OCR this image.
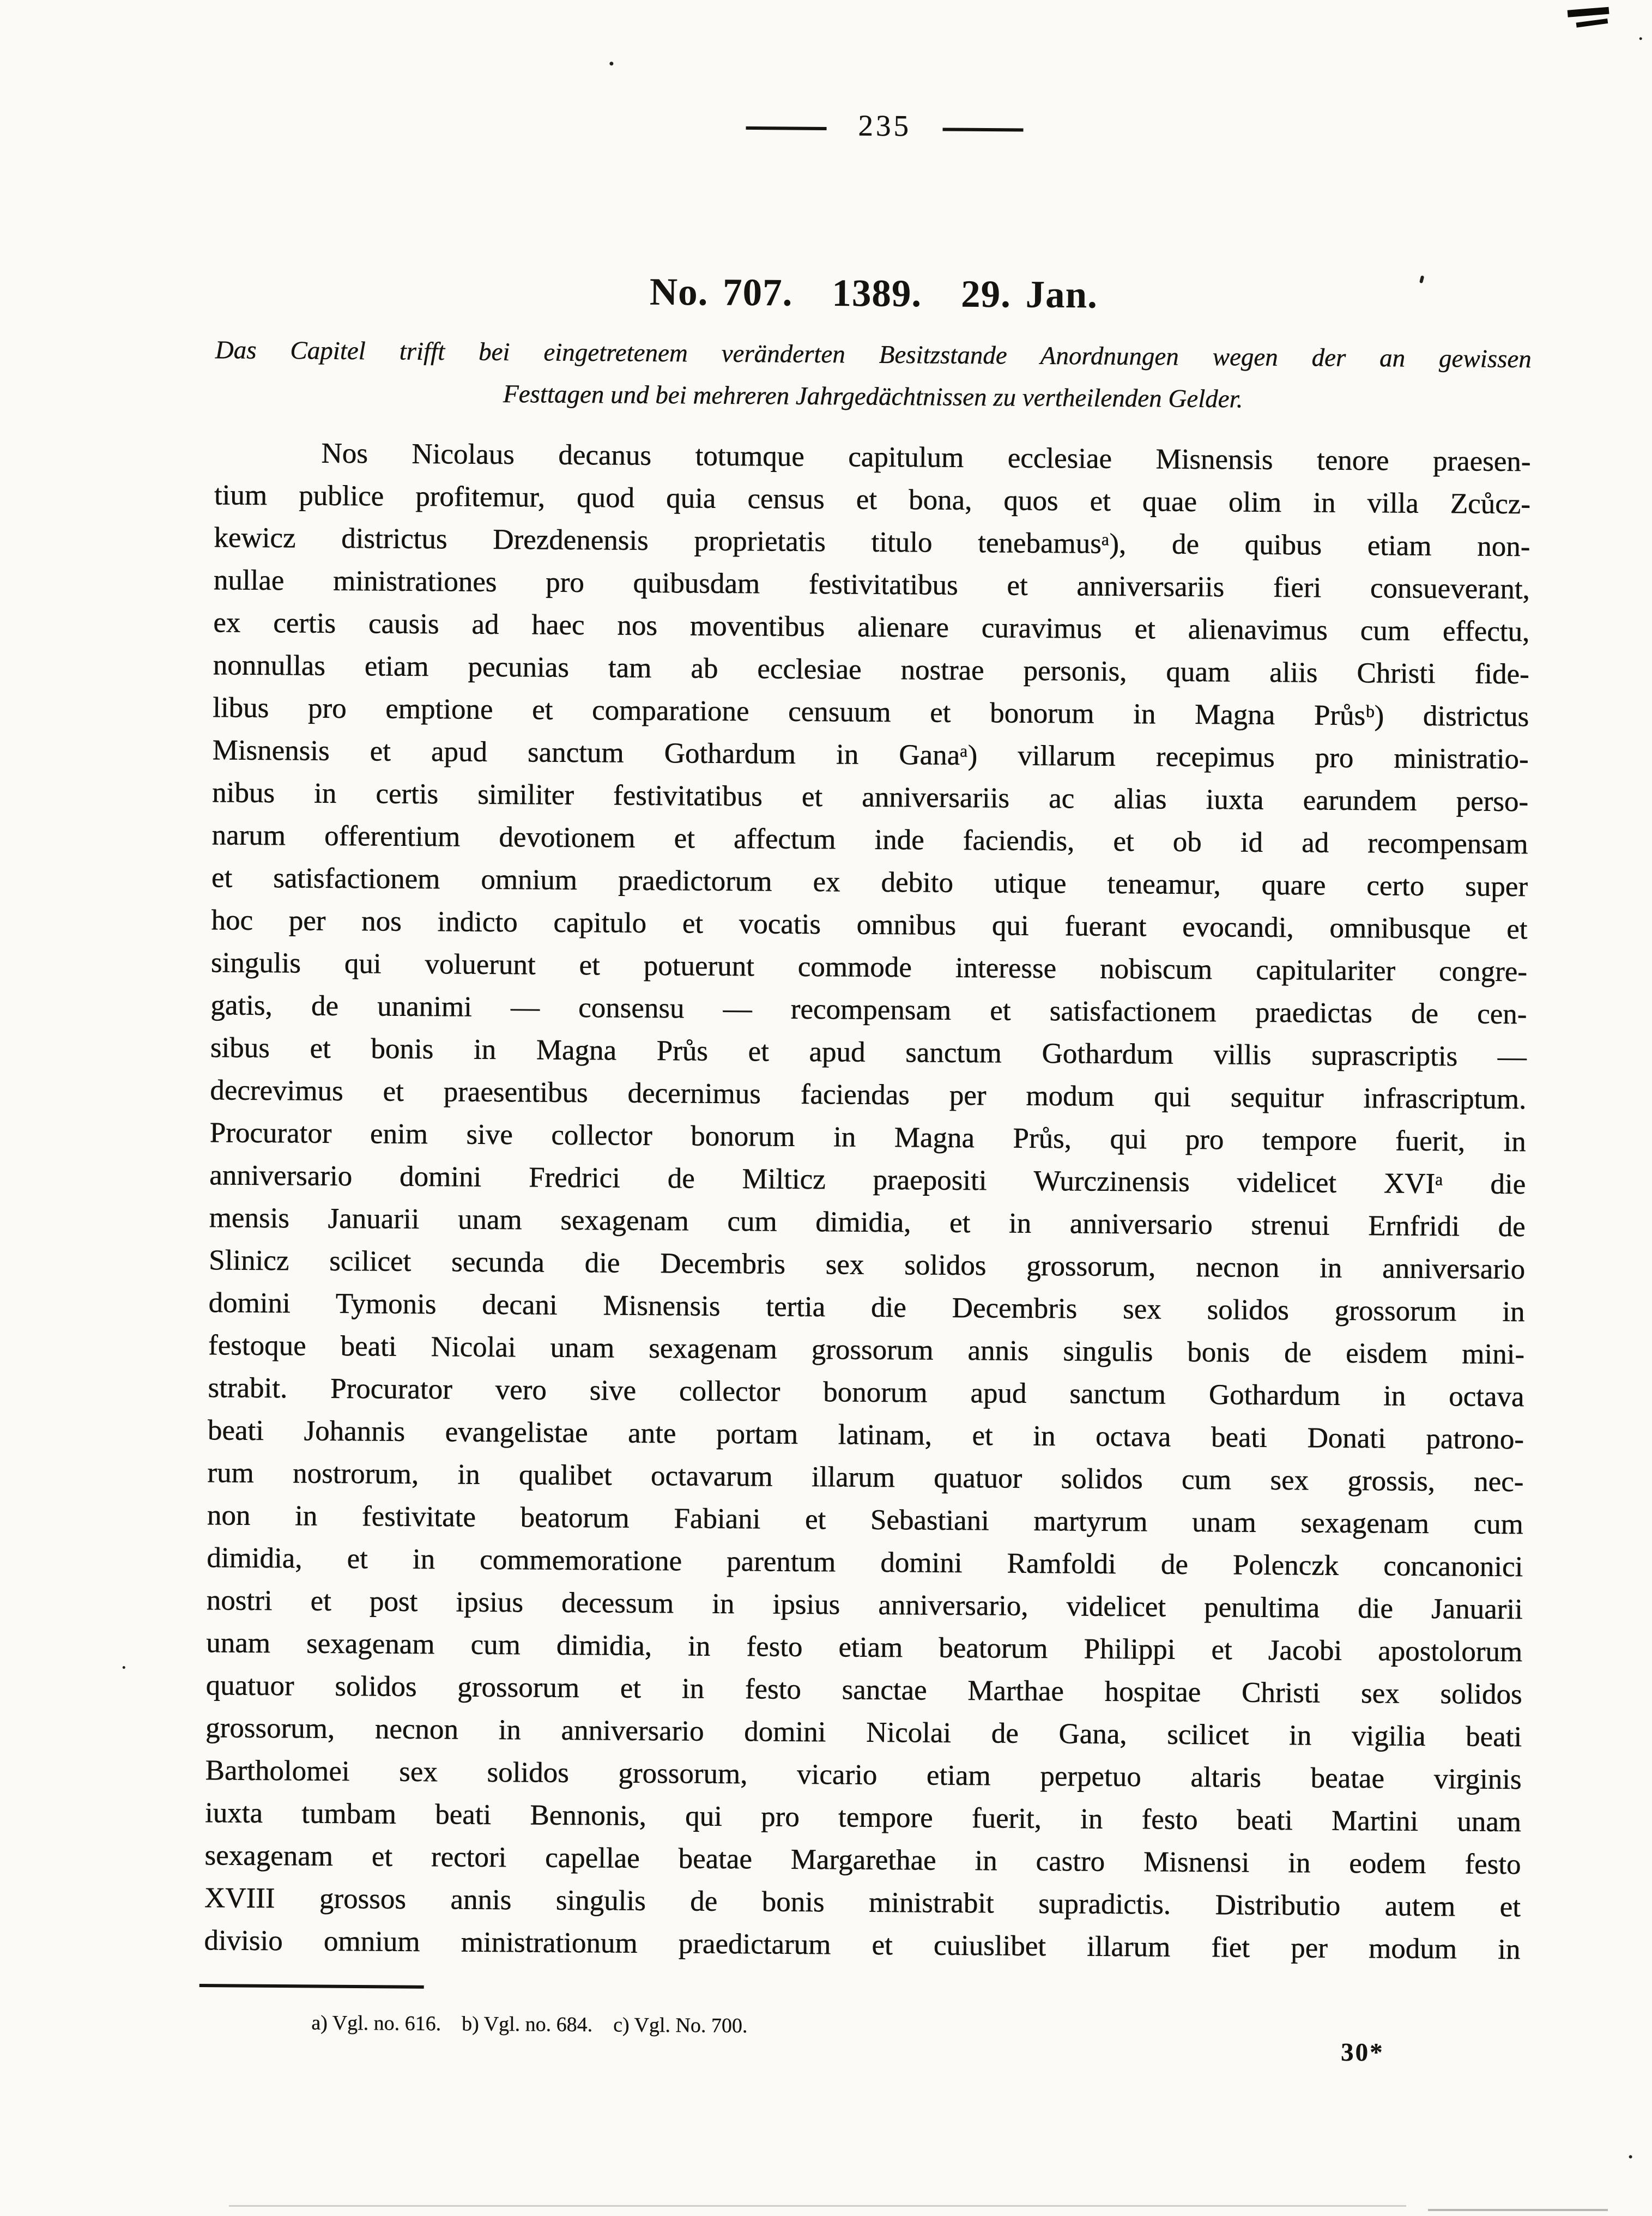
235
No. 707. 1389. 29. Jan.
Das Capitel trifft bei eingetretenem veränderten Besitzstande Anordnungen wegen der an gewissen
Festtagen und bei mehreren Jahrgedächtnissen zu vertheilenden Gelder.
Nos Nicolaus decanus totumque capitulum ecclesiae Misnensis tenore praesen-
tium publice profitemur, quod quia census et bona, quos et quae olim in villa Zcůcz-
kewicz districtus Drezdenensis proprietatis titulo tenebamusᵃ), de quibus etiam non-
nullae ministrationes pro quibusdam festivitatibus et anniversariis fieri consueverant,
ex certis causis ad haec nos moventibus alienare curavimus et alienavimus cum effectu,
nonnullas etiam pecunias tam ab ecclesiae nostrae personis, quam aliis Christi fide-
libus pro emptione et comparatione censuum et bonorum in Magna Průsᵇ) districtus
Misnensis et apud sanctum Gothardum in Ganaᵃ) villarum recepimus pro ministratio-
nibus in certis similiter festivitatibus et anniversariis ac alias iuxta earundem perso-
narum offerentium devotionem et affectum inde faciendis, et ob id ad recompensam
et satisfactionem omnium praedictorum ex debito utique teneamur, quare certo super
hoc per nos indicto capitulo et vocatis omnibus qui fuerant evocandi, omnibusque et
singulis qui voluerunt et potuerunt commode interesse nobiscum capitulariter congre-
gatis, de unanimi — consensu — recompensam et satisfactionem praedictas de cen-
sibus et bonis in Magna Průs et apud sanctum Gothardum villis suprascriptis —
decrevimus et praesentibus decernimus faciendas per modum qui sequitur infrascriptum.
Procurator enim sive collector bonorum in Magna Průs, qui pro tempore fuerit, in
anniversario domini Fredrici de Milticz praepositi Wurczinensis videlicet XVIᵃ die
mensis Januarii unam sexagenam cum dimidia, et in anniversario strenui Ernfridi de
Slinicz scilicet secunda die Decembris sex solidos grossorum, necnon in anniversario
domini Tymonis decani Misnensis tertia die Decembris sex solidos grossorum in
festoque beati Nicolai unam sexagenam grossorum annis singulis bonis de eisdem mini-
strabit. Procurator vero sive collector bonorum apud sanctum Gothardum in octava
beati Johannis evangelistae ante portam latinam, et in octava beati Donati patrono-
rum nostrorum, in qualibet octavarum illarum quatuor solidos cum sex grossis, nec-
non in festivitate beatorum Fabiani et Sebastiani martyrum unam sexagenam cum
dimidia, et in commemoratione parentum domini Ramfoldi de Polenczk concanonici
nostri et post ipsius decessum in ipsius anniversario, videlicet penultima die Januarii
unam sexagenam cum dimidia, in festo etiam beatorum Philippi et Jacobi apostolorum
quatuor solidos grossorum et in festo sanctae Marthae hospitae Christi sex solidos
grossorum, necnon in anniversario domini Nicolai de Gana, scilicet in vigilia beati
Bartholomei sex solidos grossorum, vicario etiam perpetuo altaris beatae virginis
iuxta tumbam beati Bennonis, qui pro tempore fuerit, in festo beati Martini unam
sexagenam et rectori capellae beatae Margarethae in castro Misnensi in eodem festo
XVIII grossos annis singulis de bonis ministrabit supradictis. Distributio autem et
divisio omnium ministrationum praedictarum et cuiuslibet illarum fiet per modum in
a) Vgl. no. 616. b) Vgl. no. 684. c) Vgl. No. 700.
30*
